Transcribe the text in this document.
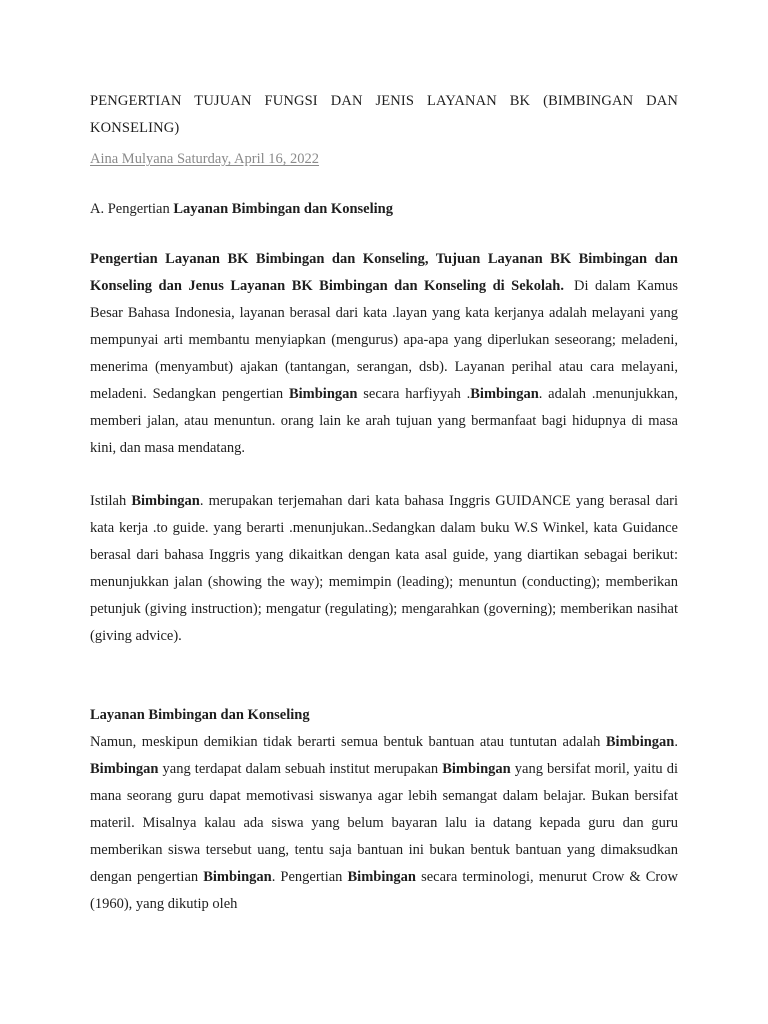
PENGERTIAN TUJUAN FUNGSI DAN JENIS LAYANAN BK (BIMBINGAN DAN KONSELING)

Aina Mulyana Saturday, April 16, 2022

A. Pengertian Layanan Bimbingan dan Konseling

Pengertian Layanan BK Bimbingan dan Konseling, Tujuan Layanan BK Bimbingan dan Konseling dan Jenus Layanan BK Bimbingan dan Konseling di Sekolah. Di dalam Kamus Besar Bahasa Indonesia, layanan berasal dari kata .layan yang kata kerjanya adalah melayani yang mempunyai arti membantu menyiapkan (mengurus) apa-apa yang diperlukan seseorang; meladeni, menerima (menyambut) ajakan (tantangan, serangan, dsb). Layanan perihal atau cara melayani, meladeni. Sedangkan pengertian Bimbingan secara harfiyyah .Bimbingan. adalah .menunjukkan, memberi jalan, atau menuntun. orang lain ke arah tujuan yang bermanfaat bagi hidupnya di masa kini, dan masa mendatang.

Istilah Bimbingan. merupakan terjemahan dari kata bahasa Inggris GUIDANCE yang berasal dari kata kerja .to guide. yang berarti .menunjukan..Sedangkan dalam buku W.S Winkel, kata Guidance berasal dari bahasa Inggris yang dikaitkan dengan kata asal guide, yang diartikan sebagai berikut: menunjukkan jalan (showing the way); memimpin (leading); menuntun (conducting); memberikan petunjuk (giving instruction); mengatur (regulating); mengarahkan (governing); memberikan nasihat (giving advice).

Layanan Bimbingan dan Konseling

Namun, meskipun demikian tidak berarti semua bentuk bantuan atau tuntutan adalah Bimbingan. Bimbingan yang terdapat dalam sebuah institut merupakan Bimbingan yang bersifat moril, yaitu di mana seorang guru dapat memotivasi siswanya agar lebih semangat dalam belajar. Bukan bersifat materil. Misalnya kalau ada siswa yang belum bayaran lalu ia datang kepada guru dan guru memberikan siswa tersebut uang, tentu saja bantuan ini bukan bentuk bantuan yang dimaksudkan dengan pengertian Bimbingan. Pengertian Bimbingan secara terminologi, menurut Crow & Crow (1960), yang dikutip oleh
